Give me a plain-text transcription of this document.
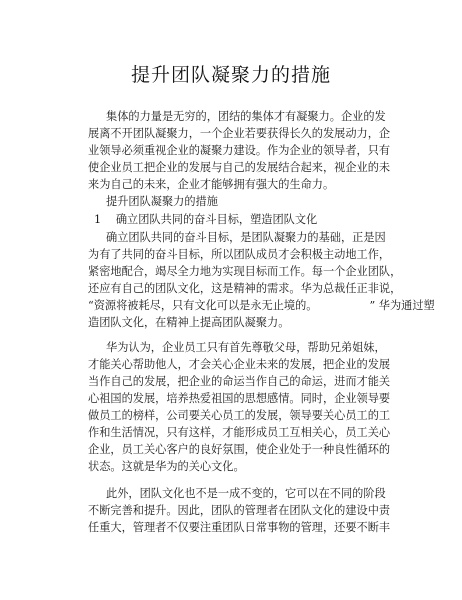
提升团队凝聚力的措施
集体的力量是无穷的，团结的集体才有凝聚力。企业的发
展离不开团队凝聚力，一个企业若要获得长久的发展动力，企
业领导必须重视企业的凝聚力建设。作为企业的领导者，只有
使企业员工把企业的发展与自己的发展结合起来，视企业的未
来为自己的未来，企业才能够拥有强大的生命力。
提升团队凝聚力的措施
1　 确立团队共同的奋斗目标，塑造团队文化
确立团队共同的奋斗目标，是团队凝聚力的基础，正是因
为有了共同的奋斗目标，所以团队成员才会积极主动地工作，
紧密地配合，竭尽全力地为实现目标而工作。每一个企业团队，
还应有自己的团队文化，这是精神的需求。华为总裁任正非说，
“资源将被耗尽，只有文化可以是永无止境的。	” 华为通过塑
造团队文化，在精神上提高团队凝聚力。
华为认为，企业员工只有首先尊敬父母，帮助兄弟姐妹，
才能关心帮助他人，才会关心企业未来的发展，把企业的发展
当作自己的发展，把企业的命运当作自己的命运，进而才能关
心祖国的发展，培养热爱祖国的思想感情。同时，企业领导要
做员工的榜样，公司要关心员工的发展，领导要关心员工的工
作和生活情况，只有这样，才能形成员工互相关心，员工关心
企业，员工关心客户的良好氛围，使企业处于一种良性循环的
状态。这就是华为的关心文化。
此外，团队文化也不是一成不变的，它可以在不同的阶段
不断完善和提升。因此，团队的管理者在团队文化的建设中责
任重大，管理者不仅要注重团队日常事物的管理，还要不断丰
